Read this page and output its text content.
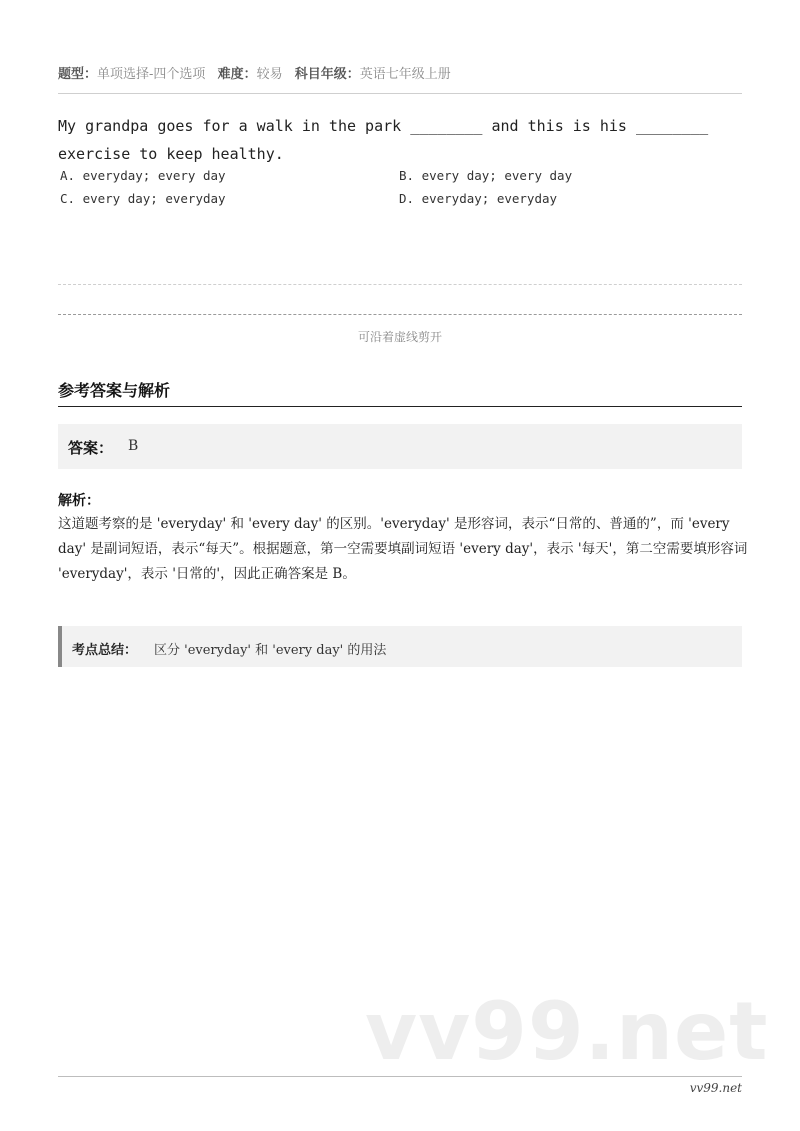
题型：单项选择-四个选项 难度：较易 科目年级：英语七年级上册
My grandpa goes for a walk in the park ________ and this is his ________
exercise to keep healthy.
A. everyday; every day	B. every day; every day
C. every day; everyday	D. everyday; everyday
可沿着虚线剪开
参考答案与解析
答案： B
解析：
这道题考察的是 'everyday' 和 'every day' 的区别。'everyday' 是形容词，表示“日常的、普通的”，而 'every day' 是副词短语，表示“每天”。根据题意，第一空需要填副词短语 'every day'，表示 '每天'，第二空需要填形容词 'everyday'，表示 '日常的'，因此正确答案是 B。
考点总结： 区分 'everyday' 和 'every day' 的用法
vv99.net
vv99.net
